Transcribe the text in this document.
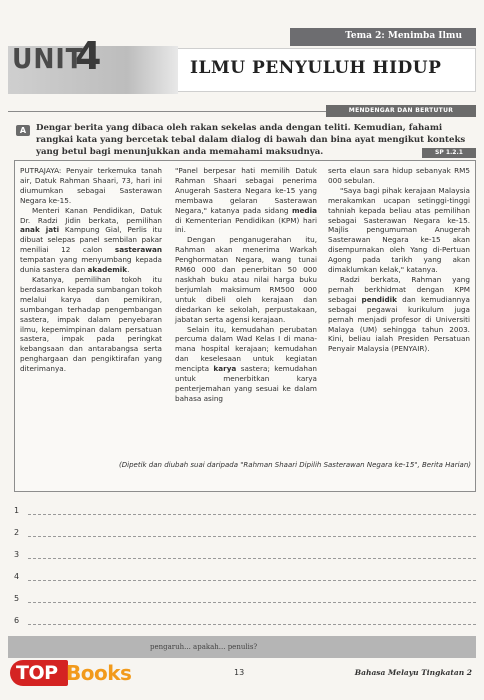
Tema 2: Menimba Ilmu
UNIT
4	ILMU PENYULUH HIDUP
MENDENGAR DAN BERTUTUR
A	Dengar berita yang dibaca oleh rakan sekelas anda dengan teliti. Kemudian, fahami rangkai kata yang bercetak tebal dalam dialog di bawah dan bina ayat mengikut konteks yang betul bagi menunjukkan anda memahami maksudnya.	SP 1.2.1

PUTRAJAYA: Penyair terkemuka tanah air, Datuk Rahman Shaari, 73, hari ini diumumkan sebagai Sasterawan Negara ke-15.

Menteri Kanan Pendidikan, Datuk Dr. Radzi Jidin berkata, pemilihan anak jati Kampung Gial, Perlis itu dibuat selepas panel sembilan pakar meniliai 12 calon sasterawan tempatan yang menyumbang kepada dunia sastera dan akademik.

Katanya, pemilihan tokoh itu berdasarkan kepada sumbangan tokoh melalui karya dan pemikiran, sumbangan terhadap pengembangan sastera, impak dalam penyebaran ilmu, kepemimpinan dalam persatuan sastera, impak pada peringkat kebangsaan dan antarabangsa serta penghargaan dan pengiktirafan yang diterimanya.

"Panel berpesar hati memilih Datuk Rahman Shaari sebagai penerima Anugerah Sastera Negara ke-15 yang membawa gelaran Sasterawan Negara," katanya pada sidang media di Kementerian Pendidikan (KPM) hari ini.

Dengan penganugerahan itu, Rahman akan menerima Warkah Penghormatan Negara, wang tunai RM60 000 dan penerbitan 50 000 naskhah buku atau nilai harga buku berjumlah maksimum RM500 000 untuk dibeli oleh kerajaan dan diedarkan ke sekolah, perpustakaan, jabatan serta agensi kerajaan.

Selain itu, kemudahan perubatan percuma dalam Wad Kelas I di mana-mana hospital kerajaan; kemudahan dan keselesaan untuk kegiatan mencipta karya sastera; kemudahan untuk menerbitkan karya penterjemahan yang sesuai ke dalam bahasa asing

serta elaun sara hidup sebanyak RM5 000 sebulan.

"Saya bagi pihak kerajaan Malaysia merakamkan ucapan setinggi-tinggi tahniah kepada beliau atas pemilihan sebagai Sasterawan Negara ke-15. Majlis pengumuman Anugerah Sasterawan Negara ke-15 akan disempurnakan oleh Yang di-Pertuan Agong pada tarikh yang akan dimaklumkan kelak," katanya.

Radzi berkata, Rahman yang pernah berkhidmat dengan KPM sebagai pendidik dan kemudiannya sebagai pegawai kurikulum juga pernah menjadi profesor di Universiti Malaya (UM) sehingga tahun 2003. Kini, beliau ialah Presiden Persatuan Penyair Malaysia (PENYAIR).

(Dipetik dan diubah suai daripada "Rahman Shaari Dipilih Sasterawan Negara ke-15", Berita Harian)
1
2
3
4
5
6
pengaruh... apakah... penulis?
TOP Books	13	Bahasa Melayu Tingkatan 2
